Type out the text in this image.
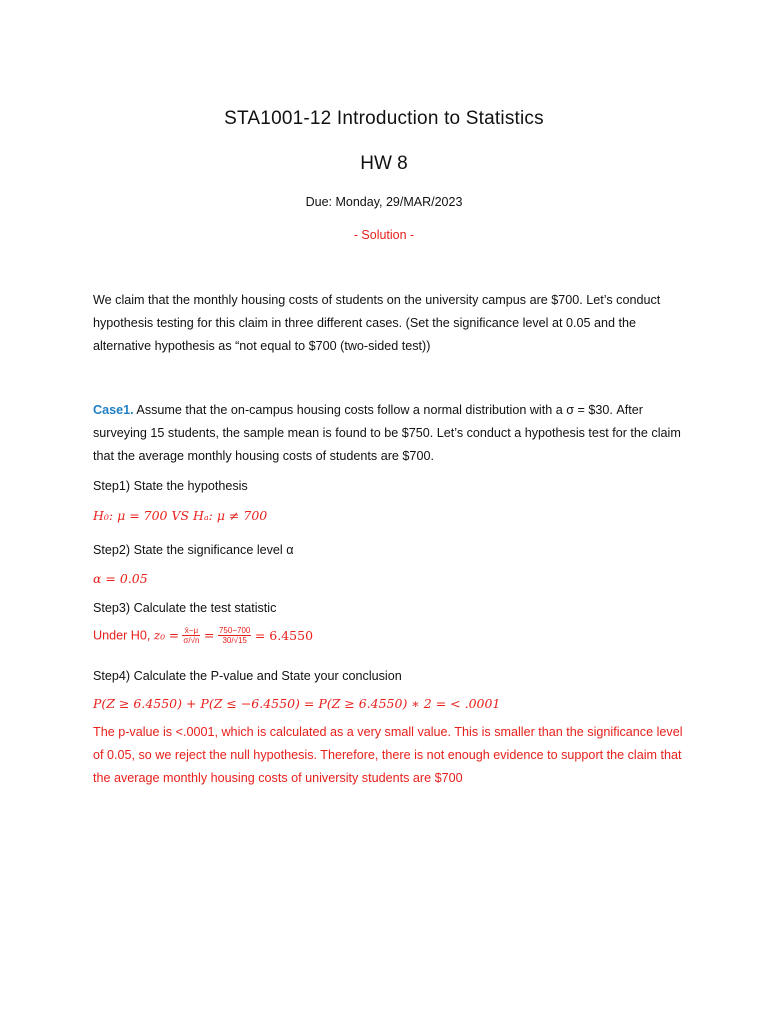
STA1001-12 Introduction to Statistics
HW 8
Due: Monday, 29/MAR/2023
- Solution -
We claim that the monthly housing costs of students on the university campus are $700. Let’s conduct hypothesis testing for this claim in three different cases. (Set the significance level at 0.05 and the alternative hypothesis as “not equal to $700 (two-sided test))
Case1. Assume that the on-campus housing costs follow a normal distribution with a σ = $30. After surveying 15 students, the sample mean is found to be $750. Let’s conduct a hypothesis test for the claim that the average monthly housing costs of students are $700.
Step1) State the hypothesis
H₀: μ = 700 VS Hₐ: μ ≠ 700
Step2) State the significance level α
α = 0.05
Step3) Calculate the test statistic
Under H0, $z_0 = \frac{x̄-\mu}{\sigma/√n} = \frac{750-700}{30/√15} = 6.4550$
Step4) Calculate the P-value and State your conclusion
P(Z ≥ 6.4550) + P(Z ≤ −6.4550) = P(Z ≥ 6.4550) ∗ 2 = < .0001
The p-value is <.0001, which is calculated as a very small value. This is smaller than the significance level of 0.05, so we reject the null hypothesis. Therefore, there is not enough evidence to support the claim that the average monthly housing costs of university students are $700
